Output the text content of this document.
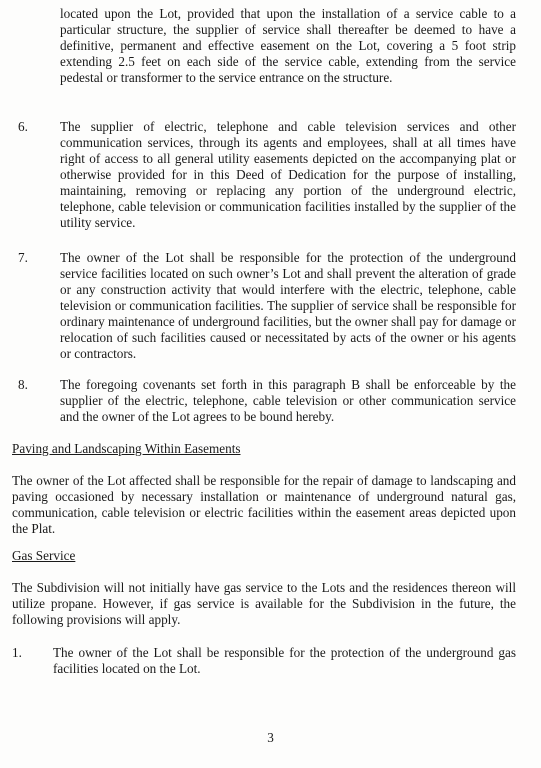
located upon the Lot, provided that upon the installation of a service cable to a particular structure, the supplier of service shall thereafter be deemed to have a definitive, permanent and effective easement on the Lot, covering a 5 foot strip extending 2.5 feet on each side of the service cable, extending from the service pedestal or transformer to the service entrance on the structure.

6. The supplier of electric, telephone and cable television services and other communication services, through its agents and employees, shall at all times have right of access to all general utility easements depicted on the accompanying plat or otherwise provided for in this Deed of Dedication for the purpose of installing, maintaining, removing or replacing any portion of the underground electric, telephone, cable television or communication facilities installed by the supplier of the utility service.

7. The owner of the Lot shall be responsible for the protection of the underground service facilities located on such owner’s Lot and shall prevent the alteration of grade or any construction activity that would interfere with the electric, telephone, cable television or communication facilities. The supplier of service shall be responsible for ordinary maintenance of underground facilities, but the owner shall pay for damage or relocation of such facilities caused or necessitated by acts of the owner or his agents or contractors.

8. The foregoing covenants set forth in this paragraph B shall be enforceable by the supplier of the electric, telephone, cable television or other communication service and the owner of the Lot agrees to be bound hereby.

Paving and Landscaping Within Easements

The owner of the Lot affected shall be responsible for the repair of damage to landscaping and paving occasioned by necessary installation or maintenance of underground natural gas, communication, cable television or electric facilities within the easement areas depicted upon the Plat.

Gas Service

The Subdivision will not initially have gas service to the Lots and the residences thereon will utilize propane. However, if gas service is available for the Subdivision in the future, the following provisions will apply.

1. The owner of the Lot shall be responsible for the protection of the underground gas facilities located on the Lot.

3
